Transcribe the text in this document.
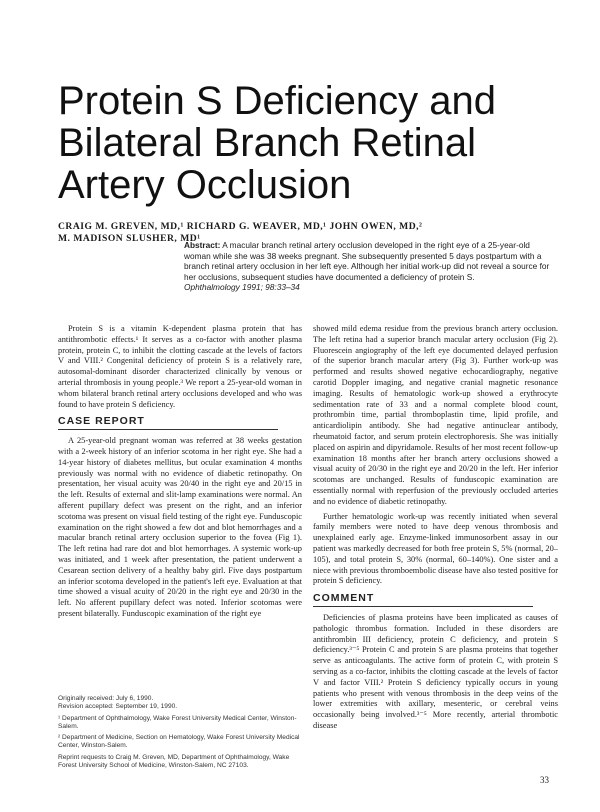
Protein S Deficiency and
Bilateral Branch Retinal
Artery Occlusion
CRAIG M. GREVEN, MD,¹ RICHARD G. WEAVER, MD,¹ JOHN OWEN, MD,²
M. MADISON SLUSHER, MD¹
Abstract: A macular branch retinal artery occlusion developed in the right eye of a 25-year-old woman while she was 38 weeks pregnant. She subsequently presented 5 days postpartum with a branch retinal artery occlusion in her left eye. Although her initial work-up did not reveal a source for her occlusions, subsequent studies have documented a deficiency of protein S.
Ophthalmology 1991; 98:33–34

Protein S is a vitamin K-dependent plasma protein that has antithrombotic effects.¹ It serves as a co-factor with another plasma protein, protein C, to inhibit the clotting cascade at the levels of factors V and VIII.² Congenital deficiency of protein S is a relatively rare, autosomal-dominant disorder characterized clinically by venous or arterial thrombosis in young people.³ We report a 25-year-old woman in whom bilateral branch retinal artery occlusions developed and who was found to have protein S deficiency.

CASE REPORT

A 25-year-old pregnant woman was referred at 38 weeks gestation with a 2-week history of an inferior scotoma in her right eye. She had a 14-year history of diabetes mellitus, but ocular examination 4 months previously was normal with no evidence of diabetic retinopathy. On presentation, her visual acuity was 20/40 in the right eye and 20/15 in the left. Results of external and slit-lamp examinations were normal. An afferent pupillary defect was present on the right, and an inferior scotoma was present on visual field testing of the right eye. Funduscopic examination on the right showed a few dot and blot hemorrhages and a macular branch retinal artery occlusion superior to the fovea (Fig 1). The left retina had rare dot and blot hemorrhages. A systemic work-up was initiated, and 1 week after presentation, the patient underwent a Cesarean section delivery of a healthy baby girl. Five days postpartum an inferior scotoma developed in the patient's left eye. Evaluation at that time showed a visual acuity of 20/20 in the right eye and 20/30 in the left. No afferent pupillary defect was noted. Inferior scotomas were present bilaterally. Funduscopic examination of the right eye

Originally received: July 6, 1990.

Revision accepted: September 19, 1990.

¹ Department of Ophthalmology, Wake Forest University Medical Center, Winston-Salem.

² Department of Medicine, Section on Hematology, Wake Forest University Medical Center, Winston-Salem.

Reprint requests to Craig M. Greven, MD, Department of Ophthalmology, Wake Forest University School of Medicine, Winston-Salem, NC 27103.

showed mild edema residue from the previous branch artery occlusion. The left retina had a superior branch macular artery occlusion (Fig 2). Fluorescein angiography of the left eye documented delayed perfusion of the superior branch macular artery (Fig 3). Further work-up was performed and results showed negative echocardiography, negative carotid Doppler imaging, and negative cranial magnetic resonance imaging. Results of hematologic work-up showed a erythrocyte sedimentation rate of 33 and a normal complete blood count, prothrombin time, partial thromboplastin time, lipid profile, and anticardiolipin antibody. She had negative antinuclear antibody, rheumatoid factor, and serum protein electrophoresis. She was initially placed on aspirin and dipyridamole. Results of her most recent follow-up examination 18 months after her branch artery occlusions showed a visual acuity of 20/30 in the right eye and 20/20 in the left. Her inferior scotomas are unchanged. Results of funduscopic examination are essentially normal with reperfusion of the previously occluded arteries and no evidence of diabetic retinopathy.

Further hematologic work-up was recently initiated when several family members were noted to have deep venous thrombosis and unexplained early age. Enzyme-linked immunosorbent assay in our patient was markedly decreased for both free protein S, 5% (normal, 20–105), and total protein S, 30% (normal, 60–140%). One sister and a niece with previous thromboembolic disease have also tested positive for protein S deficiency.

COMMENT

Deficiencies of plasma proteins have been implicated as causes of pathologic thrombus formation. Included in these disorders are antithrombin III deficiency, protein C deficiency, and protein S deficiency.³⁻⁵ Protein C and protein S are plasma proteins that together serve as anticoagulants. The active form of protein C, with protein S serving as a co-factor, inhibits the clotting cascade at the levels of factor V and factor VIII.² Protein S deficiency typically occurs in young patients who present with venous thrombosis in the deep veins of the lower extremities with axillary, mesenteric, or cerebral veins occasionally being involved.³⁻⁵ More recently, arterial thrombotic disease

33
